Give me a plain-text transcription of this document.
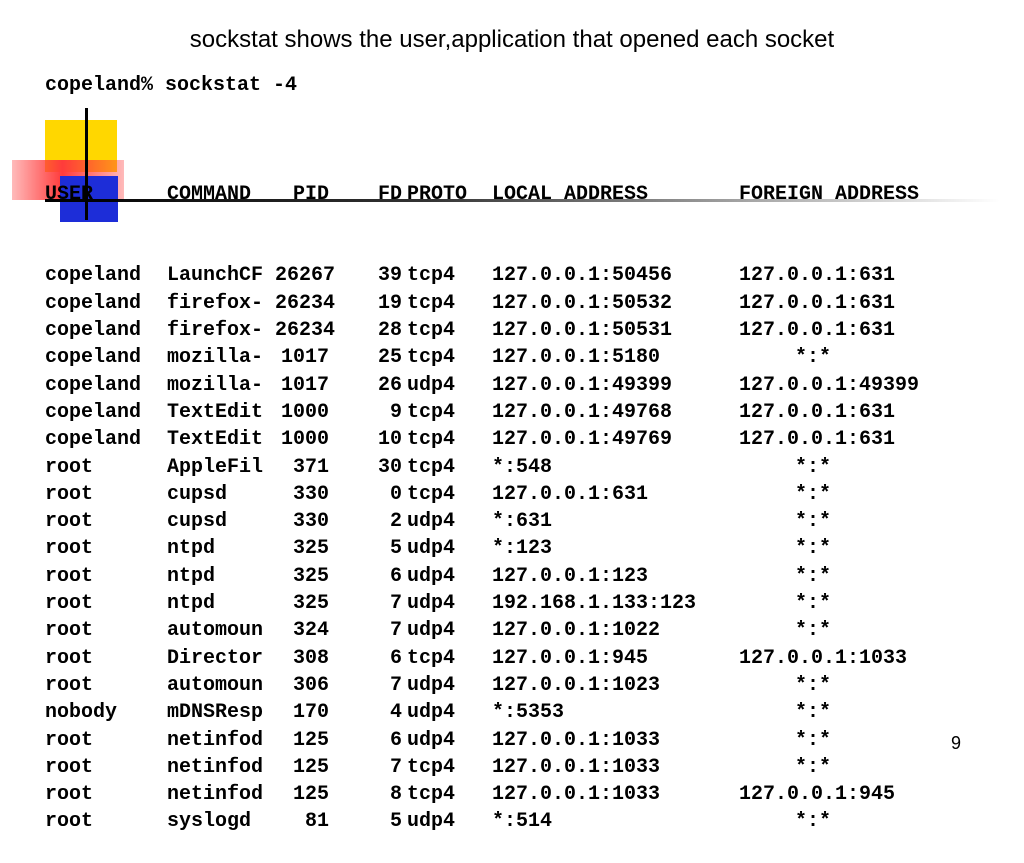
sockstat shows the user,application that opened each socket
copeland% sockstat -4

USER	COMMAND	PID	FD PROTO	LOCAL ADDRESS	FOREIGN ADDRESS

copeland	LaunchCF 26267	39 tcp4	127.0.0.1:50456	127.0.0.1:631
copeland	firefox- 26234	19 tcp4	127.0.0.1:50532	127.0.0.1:631
copeland	firefox- 26234	28 tcp4	127.0.0.1:50531	127.0.0.1:631
copeland	mozilla- 1017	25 tcp4	127.0.0.1:5180	*:*
copeland	mozilla- 1017	26 udp4	127.0.0.1:49399	127.0.0.1:49399
copeland	TextEdit 1000	9 tcp4	127.0.0.1:49768	127.0.0.1:631
copeland	TextEdit 1000	10 tcp4	127.0.0.1:49769	127.0.0.1:631
root	AppleFil	371	30 tcp4	*:548	*:*
root	cupsd	330	0 tcp4	127.0.0.1:631	*:*
root	cupsd	330	2 udp4	*:631	*:*
root	ntpd	325	5 udp4	*:123	*:*
root	ntpd	325	6 udp4	127.0.0.1:123	*:*
root	ntpd	325	7 udp4	192.168.1.133:123	*:*
root	automoun	324	7 udp4	127.0.0.1:1022	*:*
root	Director	308	6 tcp4	127.0.0.1:945	127.0.0.1:1033
root	automoun	306	7 udp4	127.0.0.1:1023	*:*
nobody	mDNSResp	170	4 udp4	*:5353	*:*
root	netinfod	125	6 udp4	127.0.0.1:1033	*:*
root	netinfod	125	7 tcp4	127.0.0.1:1033	*:*
root	netinfod	125	8 tcp4	127.0.0.1:1033	127.0.0.1:945
root	syslogd	81	5 udp4	*:514	*:*

9
